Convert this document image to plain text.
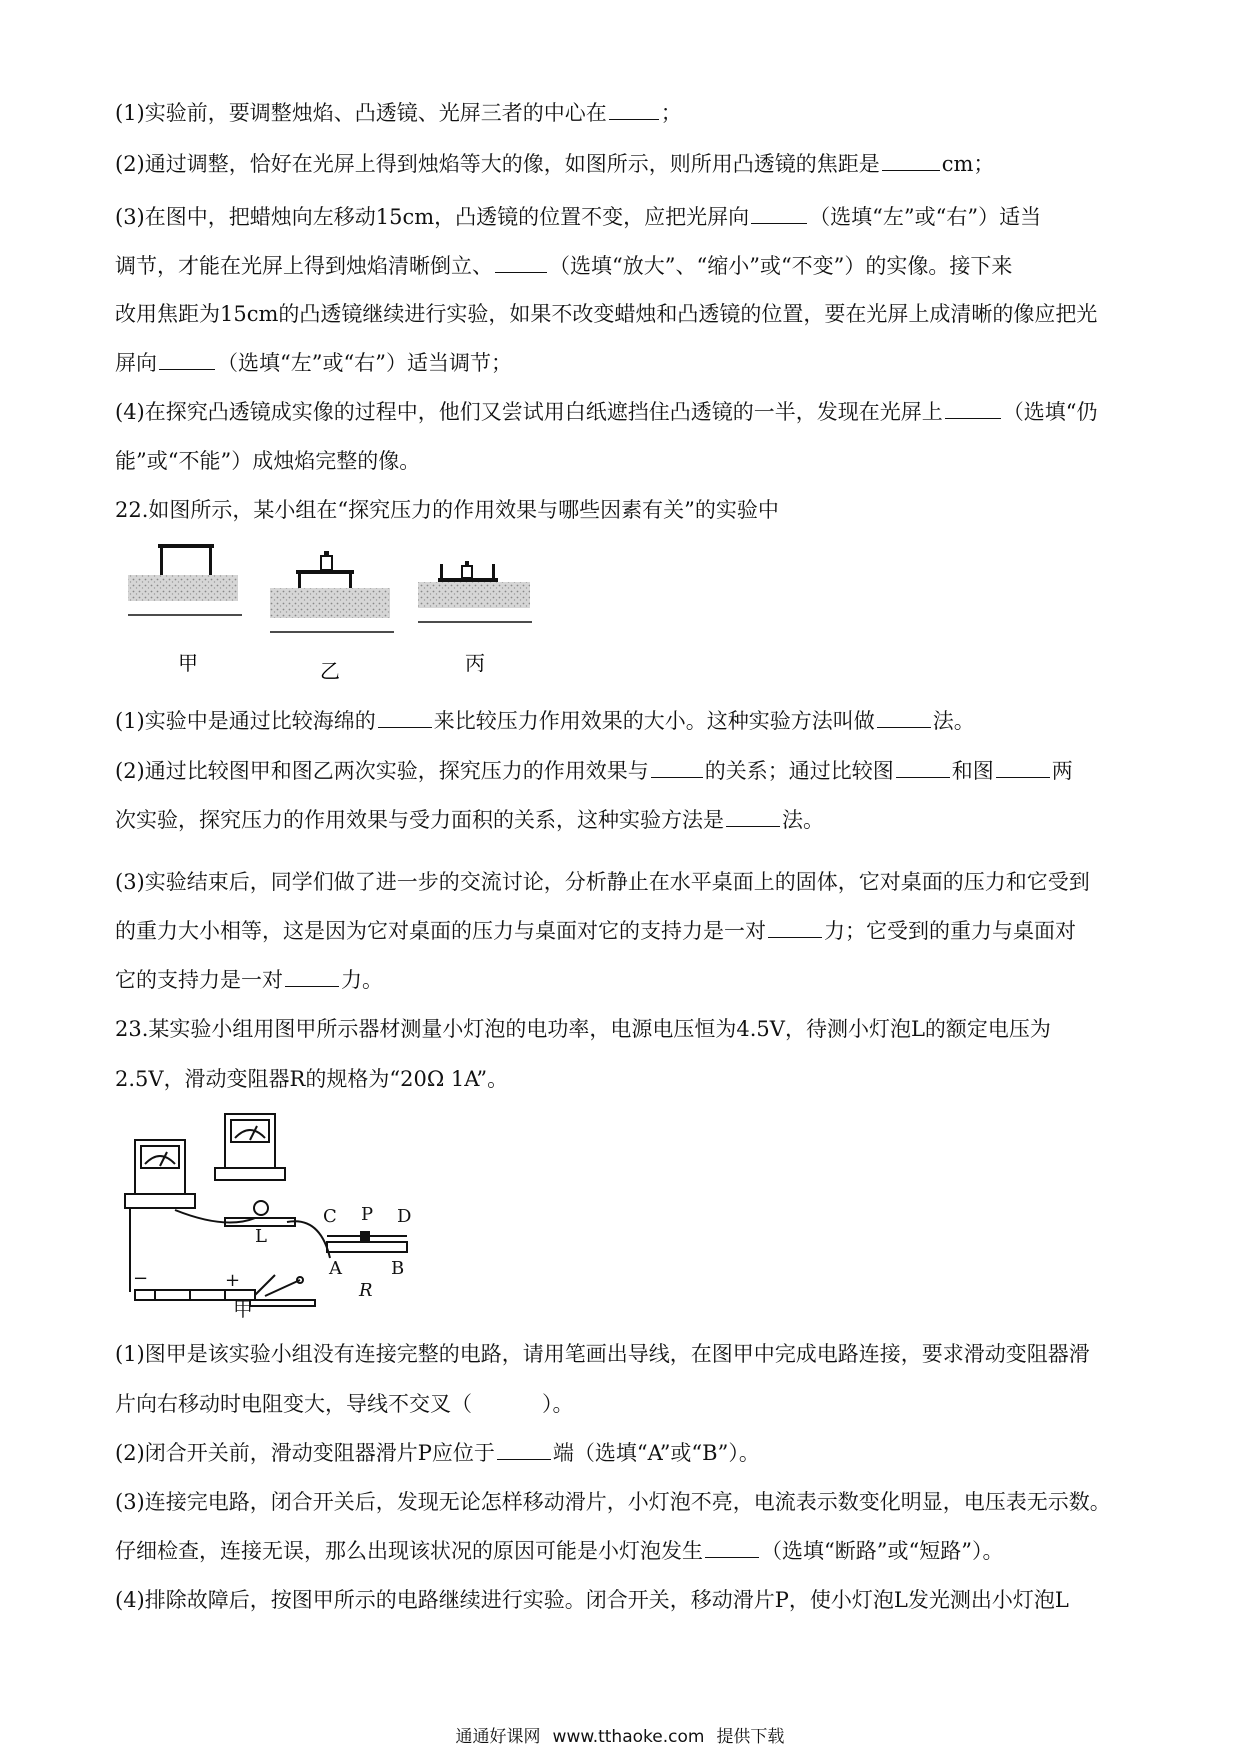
(1)实验前，要调整烛焰、凸透镜、光屏三者的中心在	；
(2)通过调整，恰好在光屏上得到烛焰等大的像，如图所示，则所用凸透镜的焦距是	cm；
(3)在图中，把蜡烛向左移动15cm，凸透镜的位置不变，应把光屏向	（选填“左”或“右”）适当
调节，才能在光屏上得到烛焰清晰倒立、	（选填“放大”、“缩小”或“不变”）的实像。接下来
改用焦距为15cm的凸透镜继续进行实验，如果不改变蜡烛和凸透镜的位置，要在光屏上成清晰的像应把光
屏向	（选填“左”或“右”）适当调节；
(4)在探究凸透镜成实像的过程中，他们又尝试用白纸遮挡住凸透镜的一半，发现在光屏上	（选填“仍
能”或“不能”）成烛焰完整的像。
22.如图所示，某小组在“探究压力的作用效果与哪些因素有关”的实验中
甲	乙	丙
(1)实验中是通过比较海绵的	来比较压力作用效果的大小。这种实验方法叫做	法。
(2)通过比较图甲和图乙两次实验，探究压力的作用效果与	的关系；通过比较图	和图	两
次实验，探究压力的作用效果与受力面积的关系，这种实验方法是	法。
(3)实验结束后，同学们做了进一步的交流讨论，分析静止在水平桌面上的固体，它对桌面的压力和它受到
的重力大小相等，这是因为它对桌面的压力与桌面对它的支持力是一对	力；它受到的重力与桌面对
它的支持力是一对	力。
23.某实验小组用图甲所示器材测量小灯泡的电功率，电源电压恒为4.5V，待测小灯泡L的额定电压为
2.5V，滑动变阻器R的规格为“20Ω 1A”。
C P D
L
A	B
R
−	+
甲
(1)图甲是该实验小组没有连接完整的电路，请用笔画出导线，在图甲中完成电路连接，要求滑动变阻器滑
片向右移动时电阻变大，导线不交叉（	）。
(2)闭合开关前，滑动变阻器滑片P应位于	端（选填“A”或“B”）。
(3)连接完电路，闭合开关后，发现无论怎样移动滑片，小灯泡不亮，电流表示数变化明显，电压表无示数。
仔细检查，连接无误，那么出现该状况的原因可能是小灯泡发生	（选填“断路”或“短路”）。
(4)排除故障后，按图甲所示的电路继续进行实验。闭合开关，移动滑片P，使小灯泡L发光测出小灯泡L
通通好课网 www.tthaoke.com 提供下载
